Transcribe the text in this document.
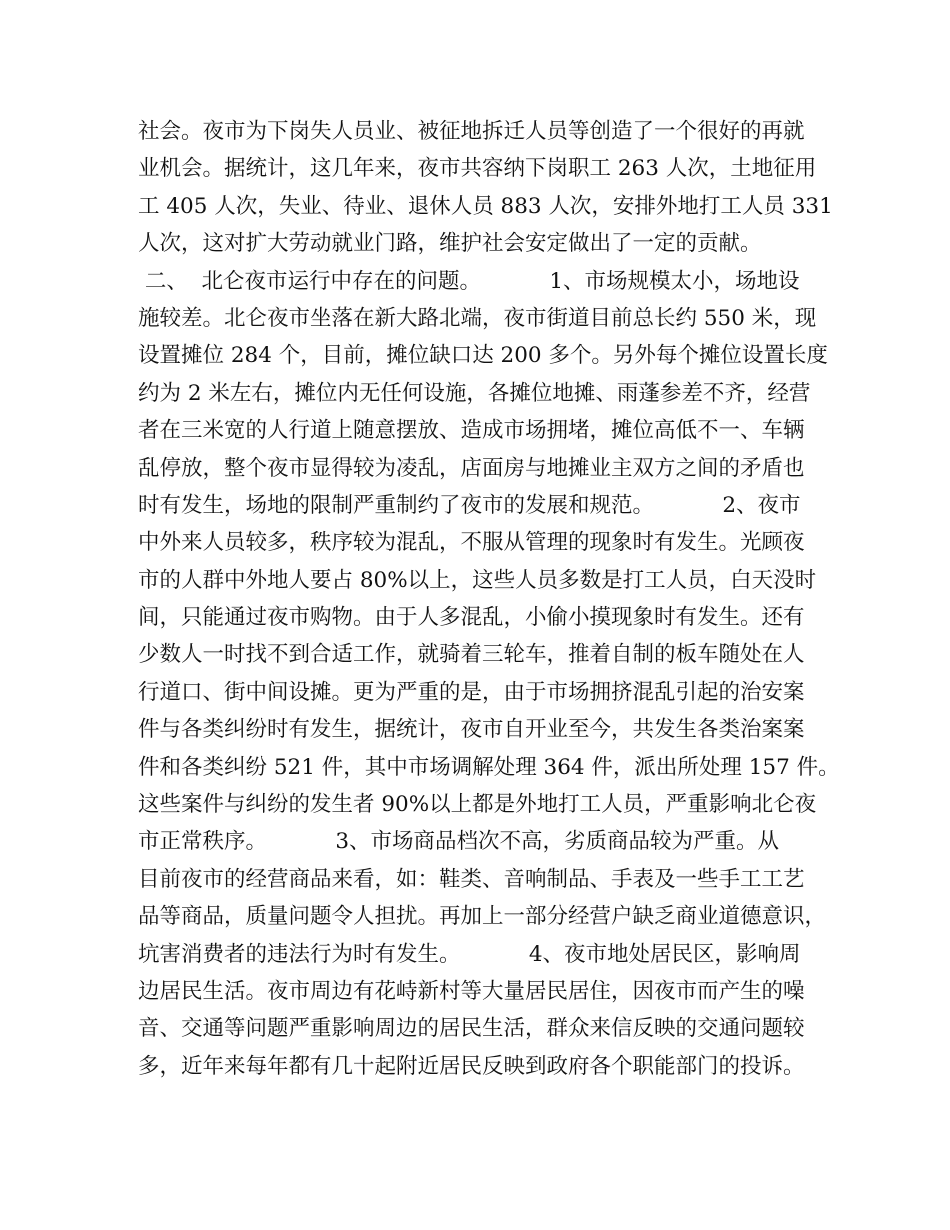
社会。夜市为下岗失人员业、被征地拆迁人员等创造了一个很好的再就
业机会。据统计，这几年来，夜市共容纳下岗职工 263 人次，土地征用
工 405 人次，失业、待业、退休人员 883 人次，安排外地打工人员 331
人次，这对扩大劳动就业门路，维护社会安定做出了一定的贡献。
二、  北仑夜市运行中存在的问题。          1、市场规模太小，场地设
施较差。北仑夜市坐落在新大路北端，夜市街道目前总长约 550 米，现
设置摊位 284 个，目前，摊位缺口达 200 多个。另外每个摊位设置长度
约为 2 米左右，摊位内无任何设施，各摊位地摊、雨蓬参差不齐，经营
者在三米宽的人行道上随意摆放、造成市场拥堵，摊位高低不一、车辆
乱停放，整个夜市显得较为凌乱，店面房与地摊业主双方之间的矛盾也
时有发生，场地的限制严重制约了夜市的发展和规范。          2、夜市
中外来人员较多，秩序较为混乱，不服从管理的现象时有发生。光顾夜
市的人群中外地人要占 80%以上，这些人员多数是打工人员，白天没时
间，只能通过夜市购物。由于人多混乱，小偷小摸现象时有发生。还有
少数人一时找不到合适工作，就骑着三轮车，推着自制的板车随处在人
行道口、街中间设摊。更为严重的是，由于市场拥挤混乱引起的治安案
件与各类纠纷时有发生，据统计，夜市自开业至今，共发生各类治案案
件和各类纠纷 521 件，其中市场调解处理 364 件，派出所处理 157 件。
这些案件与纠纷的发生者 90%以上都是外地打工人员，严重影响北仑夜
市正常秩序。          3、市场商品档次不高，劣质商品较为严重。从
目前夜市的经营商品来看，如：鞋类、音响制品、手表及一些手工工艺
品等商品，质量问题令人担扰。再加上一部分经营户缺乏商业道德意识，
坑害消费者的违法行为时有发生。          4、夜市地处居民区，影响周
边居民生活。夜市周边有花峙新村等大量居民居住，因夜市而产生的噪
音、交通等问题严重影响周边的居民生活，群众来信反映的交通问题较
多，近年来每年都有几十起附近居民反映到政府各个职能部门的投诉。
